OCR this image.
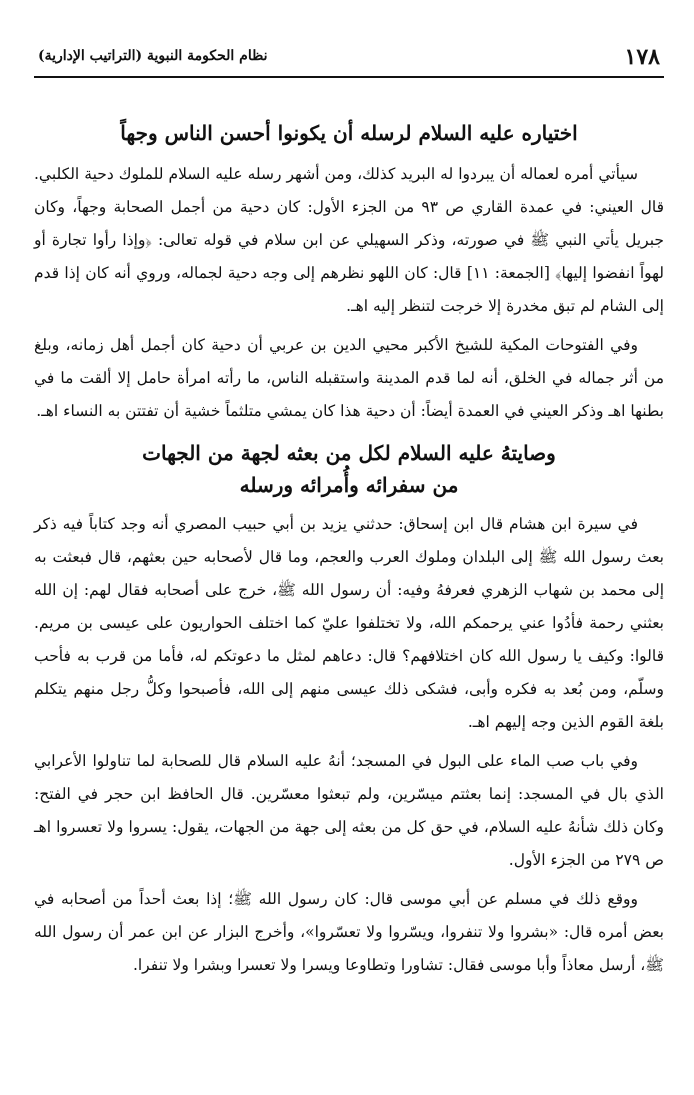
١٧٨
نظام الحكومة النبوية (التراتيب الإدارية)
اختياره عليه السلام لرسله أن يكونوا أحسن الناس وجهاً

سيأتي أمره لعماله أن يبردوا له البريد كذلك، ومن أشهر رسله عليه السلام للملوك دحية الكلبي. قال العيني: في عمدة القاري ص ٩٣ من الجزء الأول: كان دحية من أجمل الصحابة وجهاً، وكان جبريل يأتي النبي ﷺ في صورته، وذكر السهيلي عن ابن سلام في قوله تعالى: ﴿وإذا رأوا تجارة أو لهواً انفضوا إليها﴾ [الجمعة: ١١] قال: كان اللهو نظرهم إلى وجه دحية لجماله، وروي أنه كان إذا قدم إلى الشام لم تبق مخدرة إلا خرجت لتنظر إليه اهـ.

وفي الفتوحات المكية للشيخ الأكبر محيي الدين بن عربي أن دحية كان أجمل أهل زمانه، وبلغ من أثر جماله في الخلق، أنه لما قدم المدينة واستقبله الناس، ما رأته امرأة حامل إلا ألقت ما في بطنها اهـ وذكر العيني في العمدة أيضاً: أن دحية هذا كان يمشي متلثماً خشية أن تفتتن به النساء اهـ.

وصايتهُ عليه السلام لكل من بعثه لجهة من الجهات
من سفرائه وأُمرائه ورسله

في سيرة ابن هشام قال ابن إسحاق: حدثني يزيد بن أبي حبيب المصري أنه وجد كتاباً فيه ذكر بعث رسول الله ﷺ إلى البلدان وملوك العرب والعجم، وما قال لأصحابه حين بعثهم، قال فبعثت به إلى محمد بن شهاب الزهري فعرفهُ وفيه: أن رسول الله ﷺ، خرج على أصحابه فقال لهم: إن الله بعثني رحمة فأدُوا عني يرحمكم الله، ولا تختلفوا عليّ كما اختلف الحواريون على عيسى بن مريم. قالوا: وكيف يا رسول الله كان اختلافهم؟ قال: دعاهم لمثل ما دعوتكم له، فأما من قرب به فأحب وسلّم، ومن بُعد به فكره وأبى، فشكى ذلك عيسى منهم إلى الله، فأصبحوا وكلُّ رجل منهم يتكلم بلغة القوم الذين وجه إليهم اهـ.

وفي باب صب الماء على البول في المسجد؛ أنهُ عليه السلام قال للصحابة لما تناولوا الأعرابي الذي بال في المسجد: إنما بعثتم ميسّرين، ولم تبعثوا معسّرين. قال الحافظ ابن حجر في الفتح: وكان ذلك شأنهُ عليه السلام، في حق كل من بعثه إلى جهة من الجهات، يقول: يسروا ولا تعسروا اهـ ص ٢٧٩ من الجزء الأول.

ووقع ذلك في مسلم عن أبي موسى قال: كان رسول الله ﷺ؛ إذا بعث أحداً من أصحابه في بعض أمره قال: «بشروا ولا تنفروا، ويسّروا ولا تعسّروا»، وأخرج البزار عن ابن عمر أن رسول الله ﷺ، أرسل معاذاً وأبا موسى فقال: تشاورا وتطاوعا ويسرا ولا تعسرا وبشرا ولا تنفرا.
